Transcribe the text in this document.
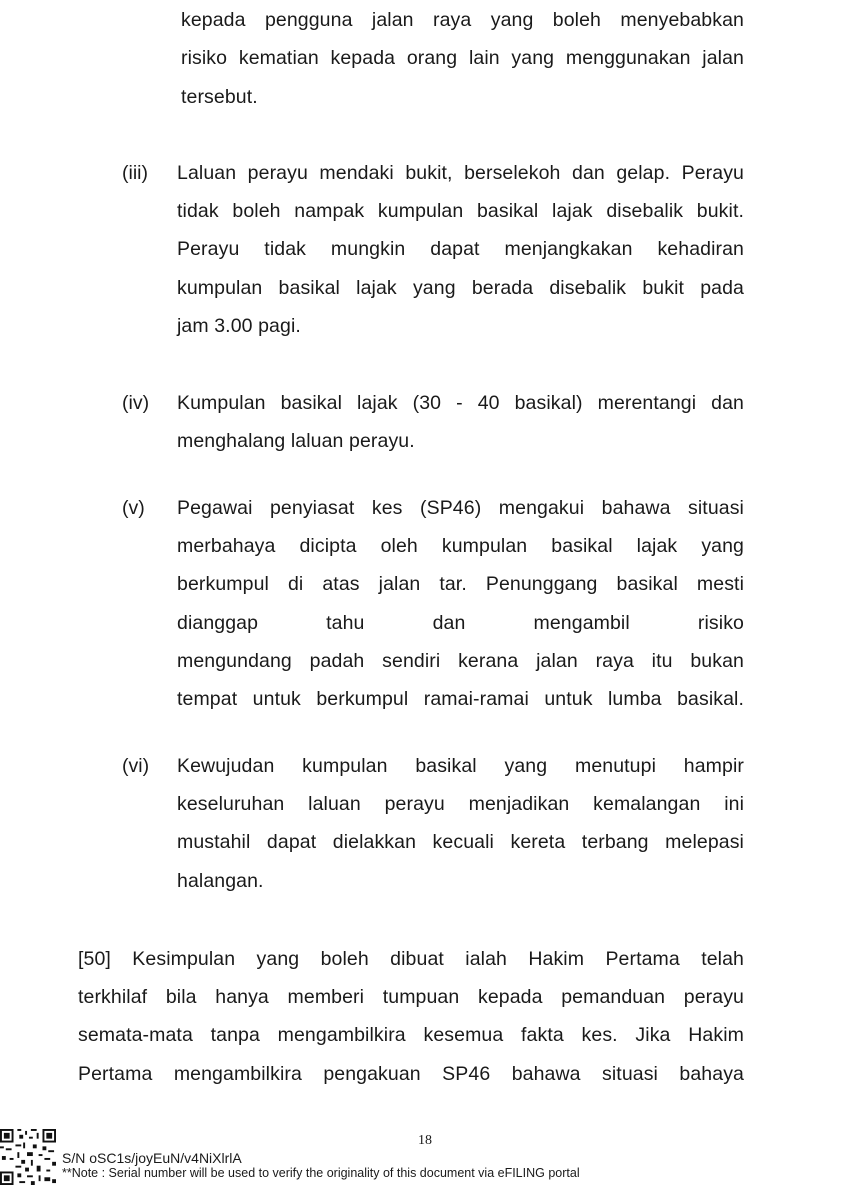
kepada pengguna jalan raya yang boleh menyebabkan
risiko kematian kepada orang lain yang menggunakan jalan
tersebut.
(iii) Laluan perayu mendaki bukit, berselekoh dan gelap. Perayu
tidak boleh nampak kumpulan basikal lajak disebalik bukit.
Perayu tidak mungkin dapat menjangkakan kehadiran
kumpulan basikal lajak yang berada disebalik bukit pada
jam 3.00 pagi.
(iv) Kumpulan basikal lajak (30 - 40 basikal) merentangi dan
menghalang laluan perayu.
(v) Pegawai penyiasat kes (SP46) mengakui bahawa situasi
merbahaya dicipta oleh kumpulan basikal lajak yang
berkumpul di atas jalan tar. Penunggang basikal mesti
dianggap tahu dan mengambil risiko
mengundang padah sendiri kerana jalan raya itu bukan
tempat untuk berkumpul ramai-ramai untuk lumba basikal.
(vi) Kewujudan kumpulan basikal yang menutupi hampir
keseluruhan laluan perayu menjadikan kemalangan ini
mustahil dapat dielakkan kecuali kereta terbang melepasi
halangan.
[50] Kesimpulan yang boleh dibuat ialah Hakim Pertama telah
terkhilaf bila hanya memberi tumpuan kepada pemanduan perayu
semata-mata tanpa mengambilkira kesemua fakta kes. Jika Hakim
Pertama mengambilkira pengakuan SP46 bahawa situasi bahaya
18
S/N oSC1s/joyEuN/v4NiXlrlA
**Note : Serial number will be used to verify the originality of this document via eFILING portal
